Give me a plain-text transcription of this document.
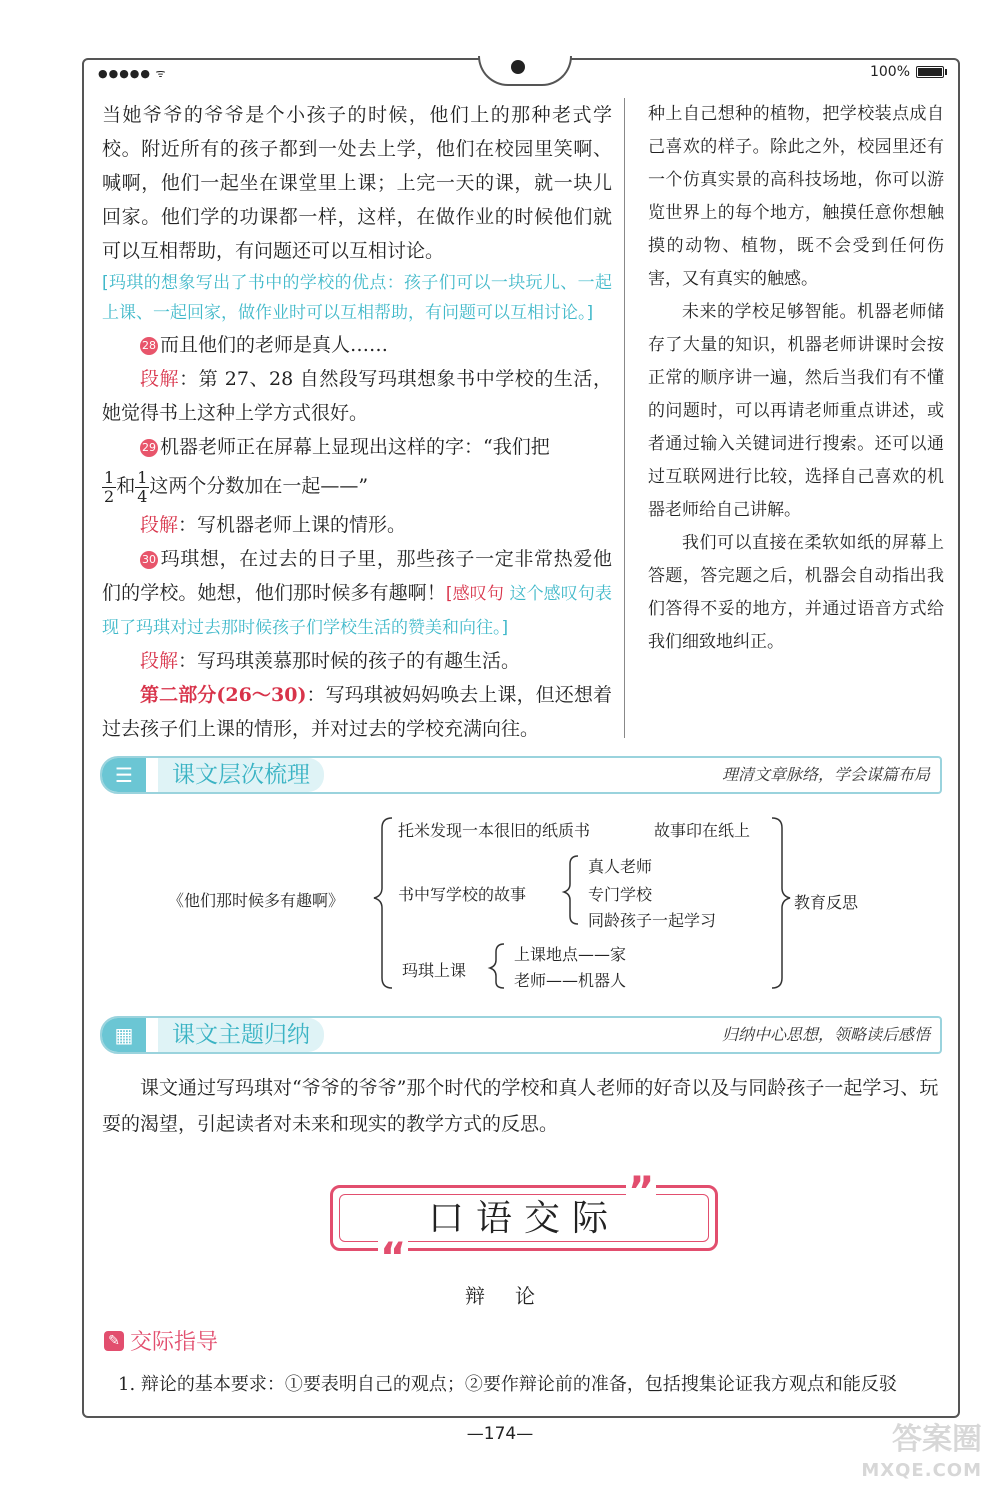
●●●●● ᯤ	100%

当她爷爷的爷爷是个小孩子的时候，他们上的那种老式学校。附近所有的孩子都到一处去上学，他们在校园里笑啊、喊啊，他们一起坐在课堂里上课；上完一天的课，就一块儿回家。他们学的功课都一样，这样，在做作业的时候他们就可以互相帮助，有问题还可以互相讨论。

[玛琪的想象写出了书中的学校的优点：孩子们可以一块玩儿、一起上课、一起回家，做作业时可以互相帮助，有问题可以互相讨论。]

28 而且他们的老师是真人……

段解：第 27、28 自然段写玛琪想象书中学校的生活，她觉得书上这种上学方式很好。

29 机器老师正在屏幕上显现出这样的字：“我们把

$\frac{1}{2}$ 和 $\frac{1}{4}$ 这两个分数加在一起——”

段解：写机器老师上课的情形。

30 玛琪想，在过去的日子里，那些孩子一定非常热爱他们的学校。她想，他们那时候多有趣啊！[感叹句 这个感叹句表现了玛琪对过去那时候孩子们学校生活的赞美和向往。]

段解：写玛琪羡慕那时候的孩子的有趣生活。

第二部分(26～30)：写玛琪被妈妈唤去上课，但还想着过去孩子们上课的情形，并对过去的学校充满向往。

种上自己想种的植物，把学校装点成自己喜欢的样子。除此之外，校园里还有一个仿真实景的高科技场地，你可以游览世界上的每个地方，触摸任意你想触摸的动物、植物，既不会受到任何伤害，又有真实的触感。

未来的学校足够智能。机器老师储存了大量的知识，机器老师讲课时会按正常的顺序讲一遍，然后当我们有不懂的问题时，可以再请老师重点讲述，或者通过输入关键词进行搜索。还可以通过互联网进行比较，选择自己喜欢的机器老师给自己讲解。

我们可以直接在柔软如纸的屏幕上答题，答完题之后，机器会自动指出我们答得不妥的地方，并通过语音方式给我们细致地纠正。

☰	课文层次梳理	理清文章脉络，学会谋篇布局
《他们那时候多有趣啊》
托米发现一本很旧的纸质书	故事印在纸上
书中写学校的故事
真人老师
专门学校
同龄孩子一起学习
玛琪上课
上课地点——家
老师——机器人
教育反思
▦	课文主题归纳	归纳中心思想，领略读后感悟
课文通过写玛琪对“爷爷的爷爷”那个时代的学校和真人老师的好奇以及与同龄孩子一起学习、玩耍的渴望，引起读者对未来和现实的教学方式的反思。
口语交际
”
“
辩论
✎ 交际指导
1. 辩论的基本要求：①要表明自己的观点；②要作辩论前的准备，包括搜集论证我方观点和能反驳
—174—	答案圈
MXQE.COM
